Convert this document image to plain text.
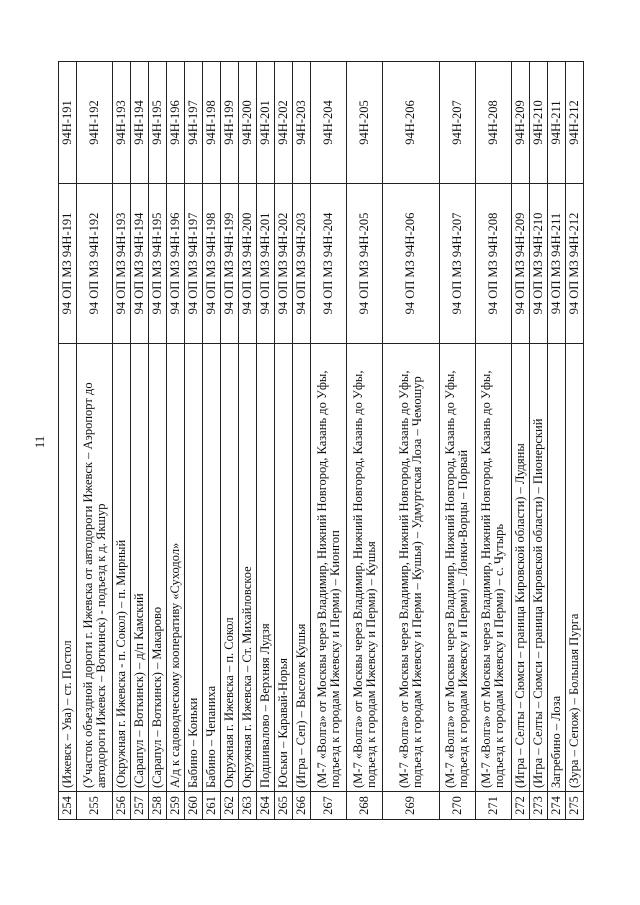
11
254	(Ижевск – Ува) – ст. Постол	94 ОП МЗ 94Н-191	94Н-191
255	(Участок объездной дороги г. Ижевска от автодороги Ижевск – Аэропорт до автодороги Ижевск – Воткинск) - подъезд к д. Якшур	94 ОП МЗ 94Н-192	94Н-192
256	(Окружная г. Ижевска - п. Сокол) – п. Мирный	94 ОП МЗ 94Н-193	94Н-193
257	(Сарапул – Воткинск) – д/п Камский	94 ОП МЗ 94Н-194	94Н-194
258	(Сарапул – Воткинск) – Макарово	94 ОП МЗ 94Н-195	94Н-195
259	А/д к садоводческому кооперативу «Суходол»	94 ОП МЗ 94Н-196	94Н-196
260	Бабино – Коньки	94 ОП МЗ 94Н-197	94Н-197
261	Бабино – Чепаниха	94 ОП МЗ 94Н-198	94Н-198
262	Окружная г. Ижевска – п. Сокол	94 ОП МЗ 94Н-199	94Н-199
263	Окружная г. Ижевска – Ст. Михайловское	94 ОП МЗ 94Н-200	94Н-200
264	Подшивалово – Верхняя Лудзя	94 ОП МЗ 94Н-201	94Н-201
265	Юськи – Каравай-Норья	94 ОП МЗ 94Н-202	94Н-202
266	(Игра – Сеп) – Выселок Кушья	94 ОП МЗ 94Н-203	94Н-203
267	(М-7 «Волга» от Москвы через Владимир, Нижний Новгород, Казань до Уфы, подъезд к городам Ижевску и Перми) – Кионгоп	94 ОП МЗ 94Н-204	94Н-204
268	(М-7 «Волга» от Москвы через Владимир, Нижний Новгород, Казань до Уфы, подъезд к городам Ижевску и Перми) – Кушья	94 ОП МЗ 94Н-205	94Н-205
269	(М-7 «Волга» от Москвы через Владимир, Нижний Новгород, Казань до Уфы, подъезд к городам Ижевску и Перми – Кушья) – Удмуртская Лоза – Чемошур	94 ОП МЗ 94Н-206	94Н-206
270	(М-7 «Волга» от Москвы через Владимир, Нижний Новгород, Казань до Уфы, подъезд к городам Ижевску и Перми) – Лонки-Ворцы – Порвай	94 ОП МЗ 94Н-207	94Н-207
271	(М-7 «Волга» от Москвы через Владимир, Нижний Новгород, Казань до Уфы, подъезд к городам Ижевску и Перми) – с. Чутырь	94 ОП МЗ 94Н-208	94Н-208
272	(Игра – Селты – Сюмси – граница Кировской области) – Лудяны	94 ОП МЗ 94Н-209	94Н-209
273	(Игра – Селты – Сюмси – граница Кировской области) – Пионерский	94 ОП МЗ 94Н-210	94Н-210
274	Загребино – Лоза	94 ОП МЗ 94Н-211	94Н-211
275	(Зура – Сепож) – Большая Пурга	94 ОП МЗ 94Н-212	94Н-212
